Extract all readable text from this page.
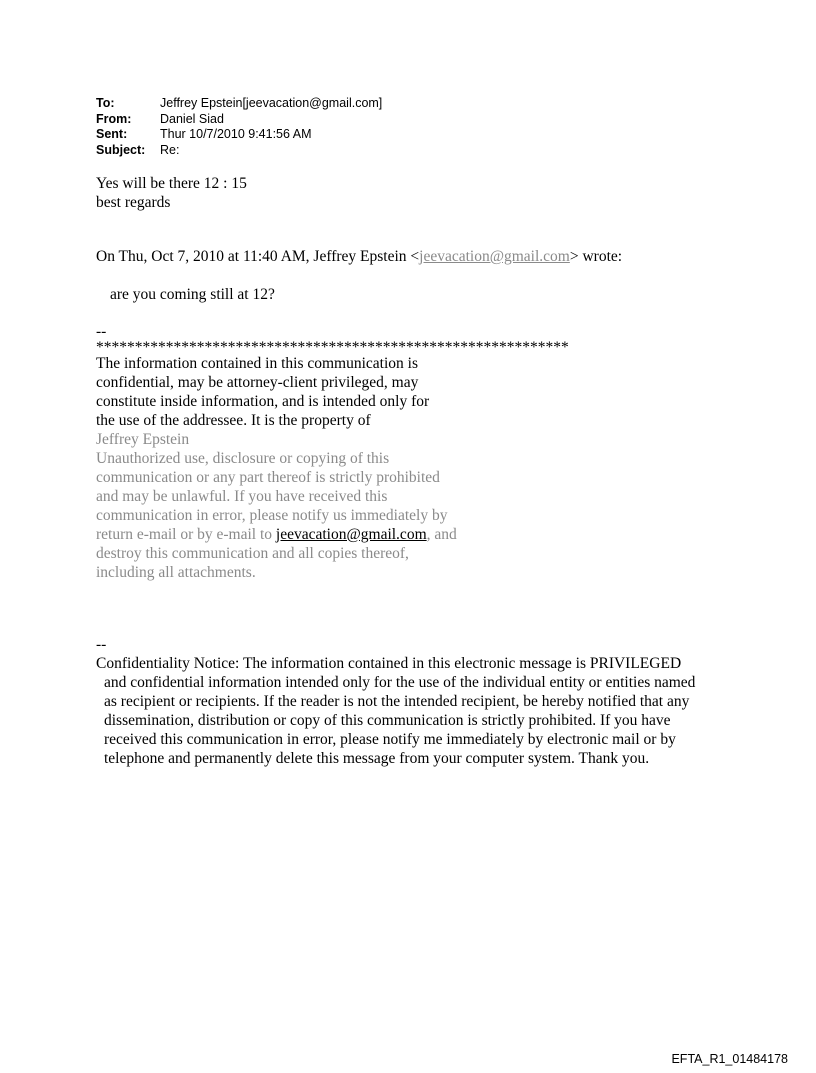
To:	Jeffrey Epstein[jeevacation@gmail.com]
From:	Daniel Siad
Sent:	Thur 10/7/2010 9:41:56 AM
Subject:	Re:
Yes will be there 12 : 15
best regards
On Thu, Oct 7, 2010 at 11:40 AM, Jeffrey Epstein <jeevacation@gmail.com> wrote:
are you coming still at 12?
--
*************************************************************
The information contained in this communication is
confidential, may be attorney-client privileged, may
constitute inside information, and is intended only for
the use of the addressee. It is the property of
Jeffrey Epstein
Unauthorized use, disclosure or copying of this
communication or any part thereof is strictly prohibited
and may be unlawful. If you have received this
communication in error, please notify us immediately by
return e-mail or by e-mail to jeevacation@gmail.com, and
destroy this communication and all copies thereof,
including all attachments.
--
Confidentiality Notice: The information contained in this electronic message is PRIVILEGED
and confidential information intended only for the use of the individual entity or entities named
as recipient or recipients. If the reader is not the intended recipient, be hereby notified that any
dissemination, distribution or copy of this communication is strictly prohibited. If you have
received this communication in error, please notify me immediately by electronic mail or by
telephone and permanently delete this message from your computer system. Thank you.
EFTA_R1_01484178
